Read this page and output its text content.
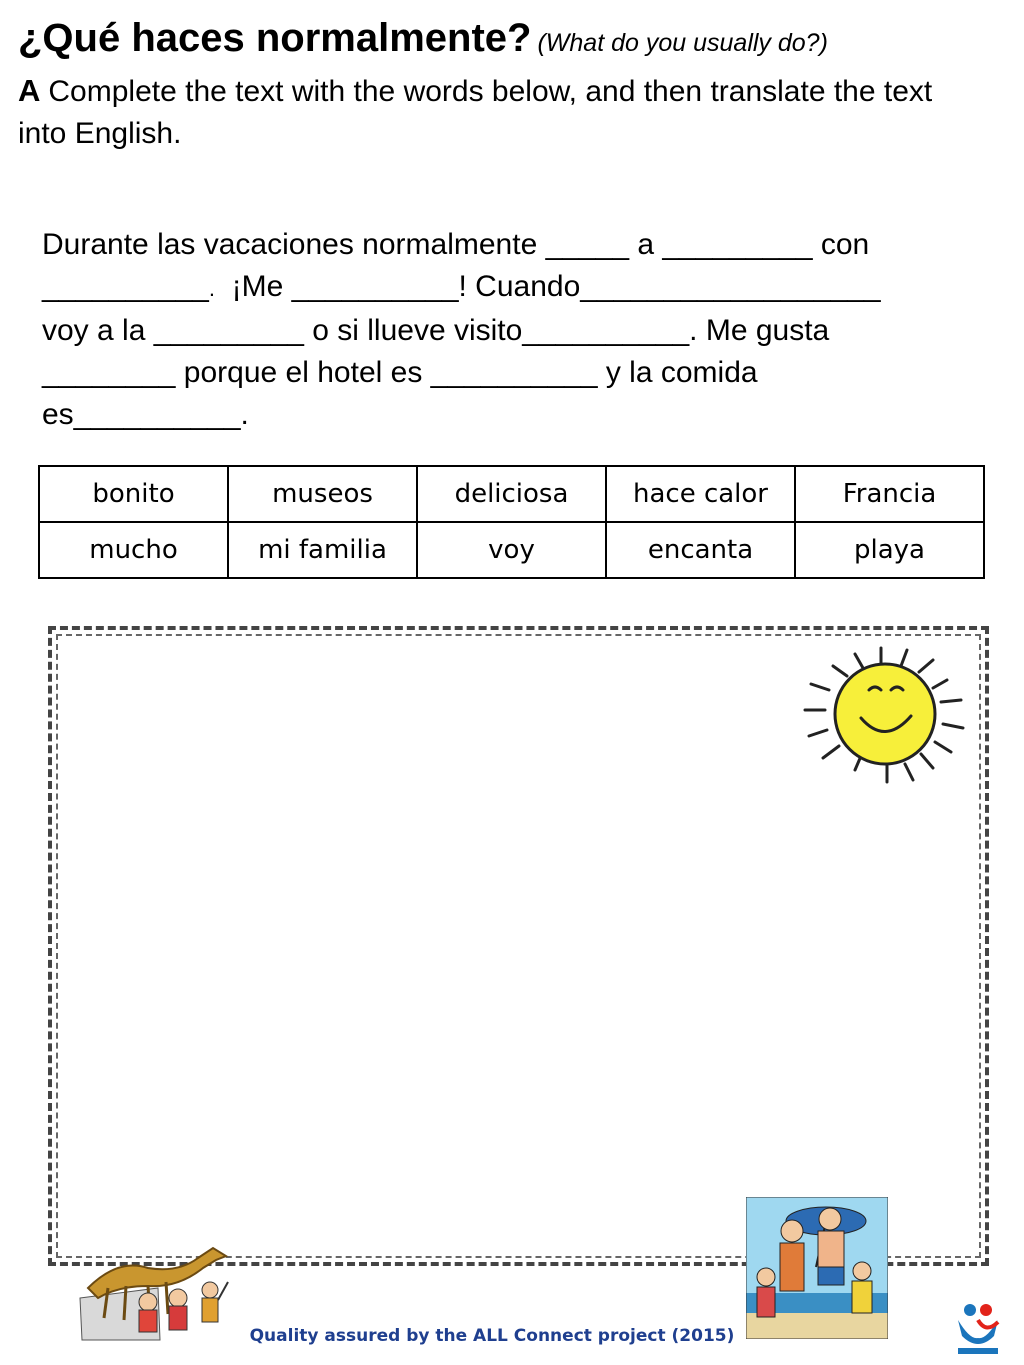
¿Qué haces normalmente? (What do you usually do?)

A Complete the text with the words below, and then translate the text into English.

Durante las vacaciones normalmente _____ a _________ con
__________. ¡Me __________! Cuando__________________
voy a la _________ o si llueve visito__________. Me gusta
________ porque el hotel es __________ y la comida
es__________.
bonito	museos	deliciosa	hace calor	Francia
mucho	mi familia	voy	encanta	playa

Quality assured by the ALL Connect project (2015)
